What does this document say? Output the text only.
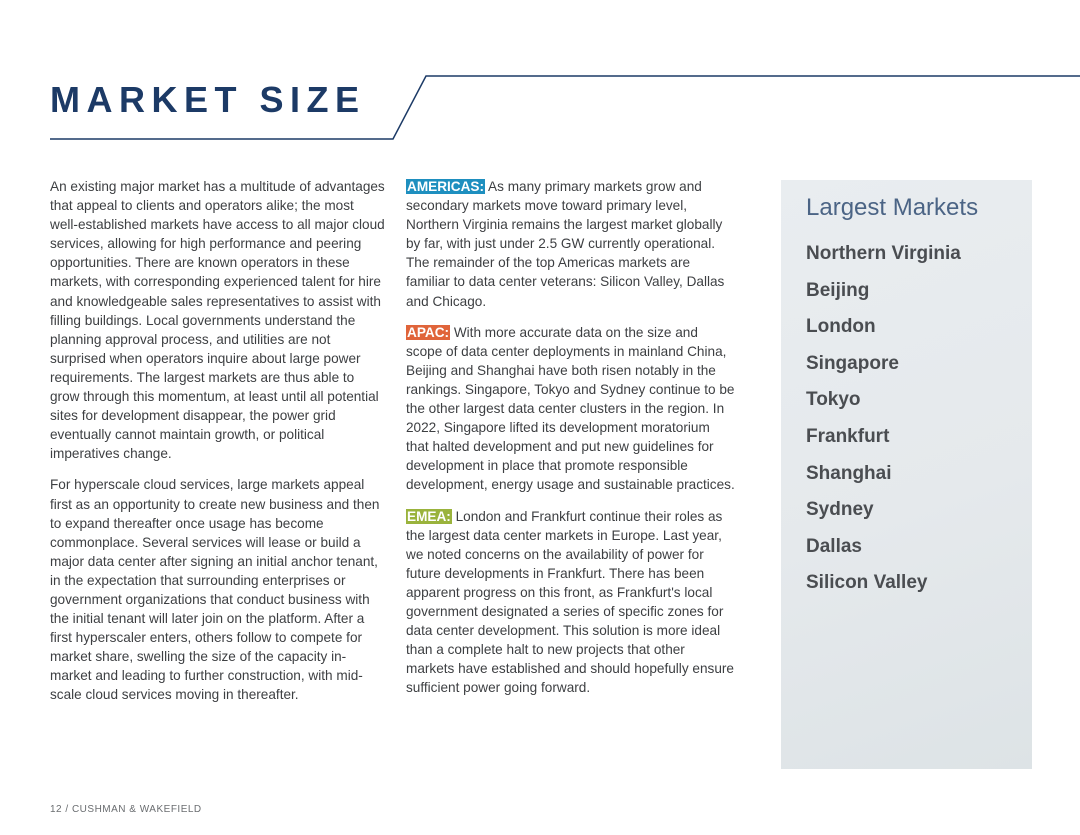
MARKET SIZE

An existing major market has a multitude of advantages that appeal to clients and operators alike; the most well-established markets have access to all major cloud services, allowing for high performance and peering opportunities. There are known operators in these markets, with corresponding experienced talent for hire and knowledgeable sales representatives to assist with filling buildings. Local governments understand the planning approval process, and utilities are not surprised when operators inquire about large power requirements. The largest markets are thus able to grow through this momentum, at least until all potential sites for development disappear, the power grid eventually cannot maintain growth, or political imperatives change.

For hyperscale cloud services, large markets appeal first as an opportunity to create new business and then to expand thereafter once usage has become commonplace. Several services will lease or build a major data center after signing an initial anchor tenant, in the expectation that surrounding enterprises or government organizations that conduct business with the initial tenant will later join on the platform. After a first hyperscaler enters, others follow to compete for market share, swelling the size of the capacity in-market and leading to further construction, with mid-scale cloud services moving in thereafter.

AMERICAS: As many primary markets grow and secondary markets move toward primary level, Northern Virginia remains the largest market globally by far, with just under 2.5 GW currently operational. The remainder of the top Americas markets are familiar to data center veterans: Silicon Valley, Dallas and Chicago.

APAC: With more accurate data on the size and scope of data center deployments in mainland China, Beijing and Shanghai have both risen notably in the rankings. Singapore, Tokyo and Sydney continue to be the other largest data center clusters in the region. In 2022, Singapore lifted its development moratorium that halted development and put new guidelines for development in place that promote responsible development, energy usage and sustainable practices.

EMEA: London and Frankfurt continue their roles as the largest data center markets in Europe. Last year, we noted concerns on the availability of power for future developments in Frankfurt. There has been apparent progress on this front, as Frankfurt's local government designated a series of specific zones for data center development. This solution is more ideal than a complete halt to new projects that other markets have established and should hopefully ensure sufficient power going forward.

Largest Markets
Northern Virginia
Beijing
London
Singapore
Tokyo
Frankfurt
Shanghai
Sydney
Dallas
Silicon Valley
12 / CUSHMAN & WAKEFIELD
